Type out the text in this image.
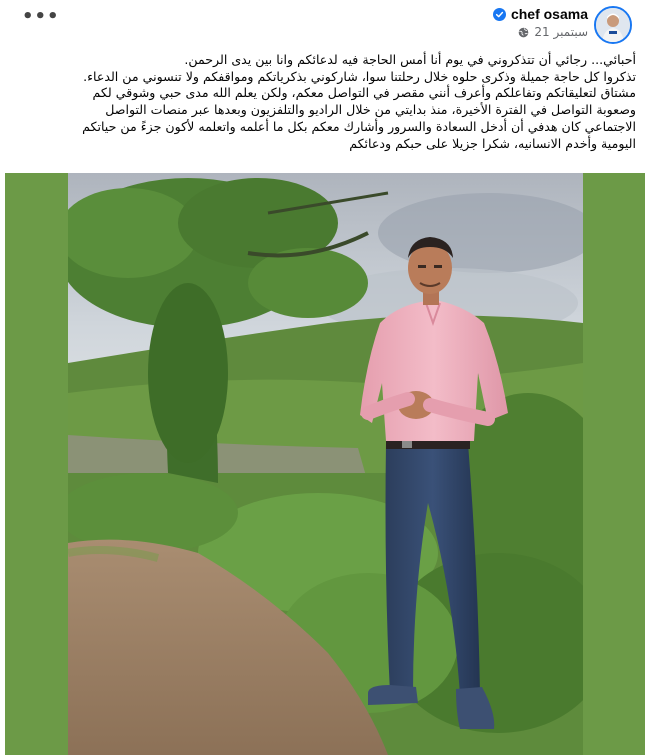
•••	chef osama
21 سبتمبر

أحبائي... رجائي أن تتذكروني في يوم أنا أمس الحاجة فيه لدعائكم وانا بين يدى الرحمن.

تذكروا كل حاجة جميلة وذكرى حلوه خلال رحلتنا سوا، شاركوني بذكرياتكم ومواقفكم ولا تنسوني من الدعاء.

مشتاق لتعليقاتكم وتفاعلكم وأعرف أنني مقصر في التواصل معكم، ولكن يعلم الله مدى حبي وشوقي لكم

وصعوبة التواصل في الفترة الأخيرة، منذ بدايتي من خلال الراديو والتلفزيون وبعدها عبر منصات التواصل

الاجتماعي كان هدفي أن أدخل السعادة والسرور وأشارك معكم بكل ما أعلمه واتعلمه لأكون جزءً من حياتكم

اليومية وأخدم الانسانيه، شكرا جزيلا على حبكم ودعائكم
